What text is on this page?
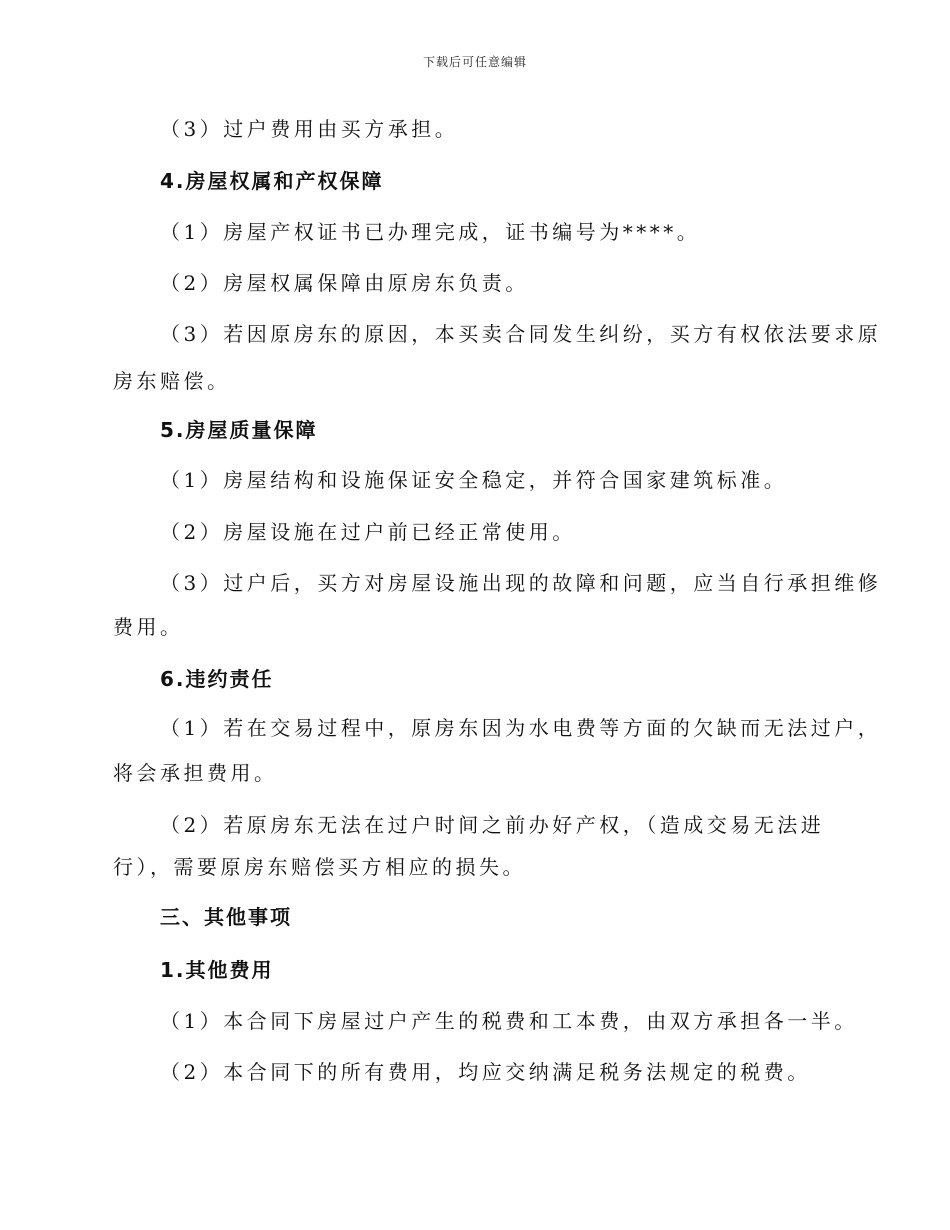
下载后可任意编辑
（3）过户费用由买方承担。
4.房屋权属和产权保障
（1）房屋产权证书已办理完成，证书编号为****。
（2）房屋权属保障由原房东负责。
（3）若因原房东的原因，本买卖合同发生纠纷，买方有权依法要求原
房东赔偿。
5.房屋质量保障
（1）房屋结构和设施保证安全稳定，并符合国家建筑标准。
（2）房屋设施在过户前已经正常使用。
（3）过户后，买方对房屋设施出现的故障和问题，应当自行承担维修
费用。
6.违约责任
（1）若在交易过程中，原房东因为水电费等方面的欠缺而无法过户，
将会承担费用。
（2）若原房东无法在过户时间之前办好产权，（造成交易无法进
行），需要原房东赔偿买方相应的损失。
三、其他事项
1.其他费用
（1）本合同下房屋过户产生的税费和工本费，由双方承担各一半。
（2）本合同下的所有费用，均应交纳满足税务法规定的税费。
